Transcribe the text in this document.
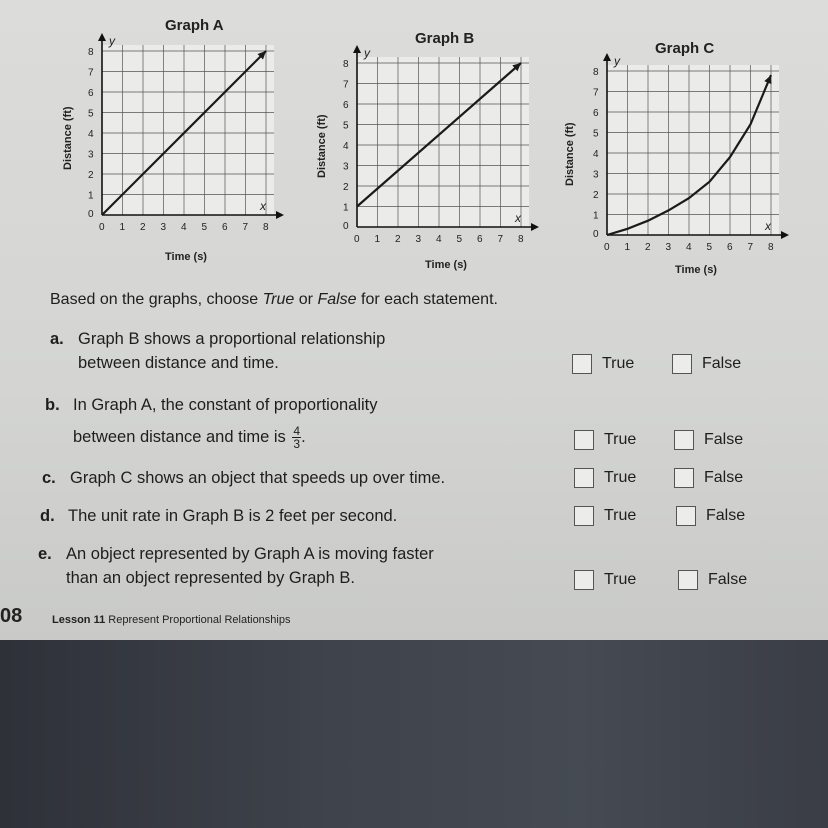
Graph A
Graph B
Graph C
Distance (ft)	Distance (ft)	Distance (ft)
Time (s)
Time (s)	Time (s)
y
x
0 1 2 3 4 5 6 7 8
0
1
2
3
4
5
6
7
8	y
x
0 1 2 3 4 5 6 7 8
0
1
2
3
4
5
6
7
8	y
x
0 1 2 3 4 5 6 7 8
0
1
2
3
4
5
6
7
8
Based on the graphs, choose True or False for each statement.
a. Graph B shows a proportional relationship
between distance and time.	True	False
b. In Graph A, the constant of proportionality
between distance and time is $\frac{4}{3}$ .	True	False
c. Graph C shows an object that speeds up over time.	True	False
d. The unit rate in Graph B is 2 feet per second.	True	False
e. An object represented by Graph A is moving faster
than an object represented by Graph B.	True	False
08	Lesson 11 Represent Proportional Relationships
